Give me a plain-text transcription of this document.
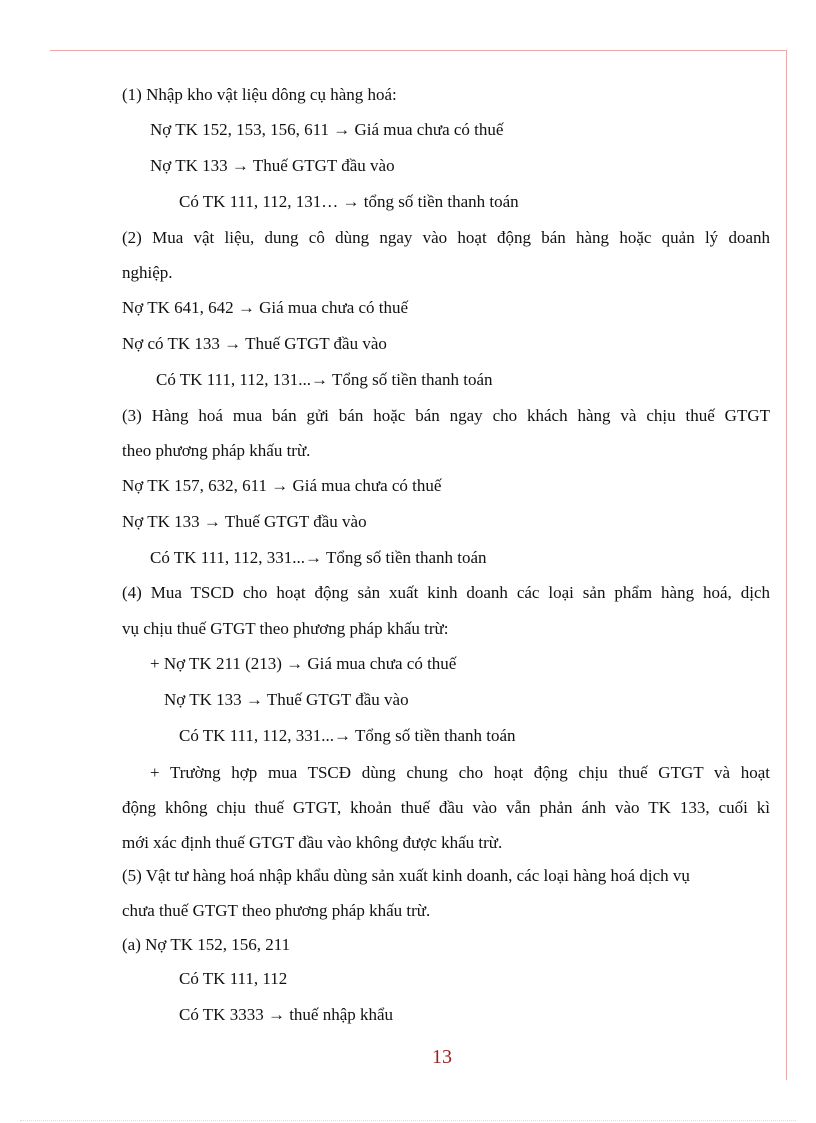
(1) Nhập kho vật liệu dông cụ hàng hoá:
Nợ TK 152, 153, 156, 611 → Giá mua chưa có thuế
Nợ TK 133 → Thuế GTGT đầu vào
Có TK 111, 112, 131… → tổng số tiền thanh toán
(2) Mua vật liệu, dung cô dùng ngay vào hoạt động bán hàng hoặc quản lý doanh
nghiệp.
Nợ TK 641, 642 → Giá mua chưa có thuế
Nợ có TK 133 → Thuế GTGT đầu vào
Có TK 111, 112, 131...→ Tổng số tiền thanh toán
(3) Hàng hoá mua bán gửi bán hoặc bán ngay cho khách hàng và chịu thuế GTGT
theo phương pháp khấu trừ.
Nợ TK 157, 632, 611 → Giá mua chưa có thuế
Nợ TK 133 → Thuế GTGT đầu vào
Có TK 111, 112, 331...→ Tổng số tiền thanh toán
(4) Mua TSCD cho hoạt động sản xuất kinh doanh các loại sản phẩm hàng hoá, dịch
vụ chịu thuế GTGT theo phương pháp khấu trừ:
+ Nợ TK 211 (213) → Giá mua chưa có thuế
Nợ TK 133 → Thuế GTGT đầu vào
Có TK 111, 112, 331...→ Tổng số tiền thanh toán
+ Trường hợp mua TSCĐ dùng chung cho hoạt động chịu thuế GTGT và hoạt
động không chịu thuế GTGT, khoản thuế đầu vào vẫn phản ánh vào TK 133, cuối kì
mới xác định thuế GTGT đầu vào không được khấu trừ.
(5) Vật tư hàng hoá nhập khẩu dùng sản xuất kinh doanh, các loại hàng hoá dịch vụ
chưa thuế GTGT theo phương pháp khấu trừ.
(a) Nợ TK 152, 156, 211
Có TK 111, 112
Có TK 3333 → thuế nhập khẩu
13
